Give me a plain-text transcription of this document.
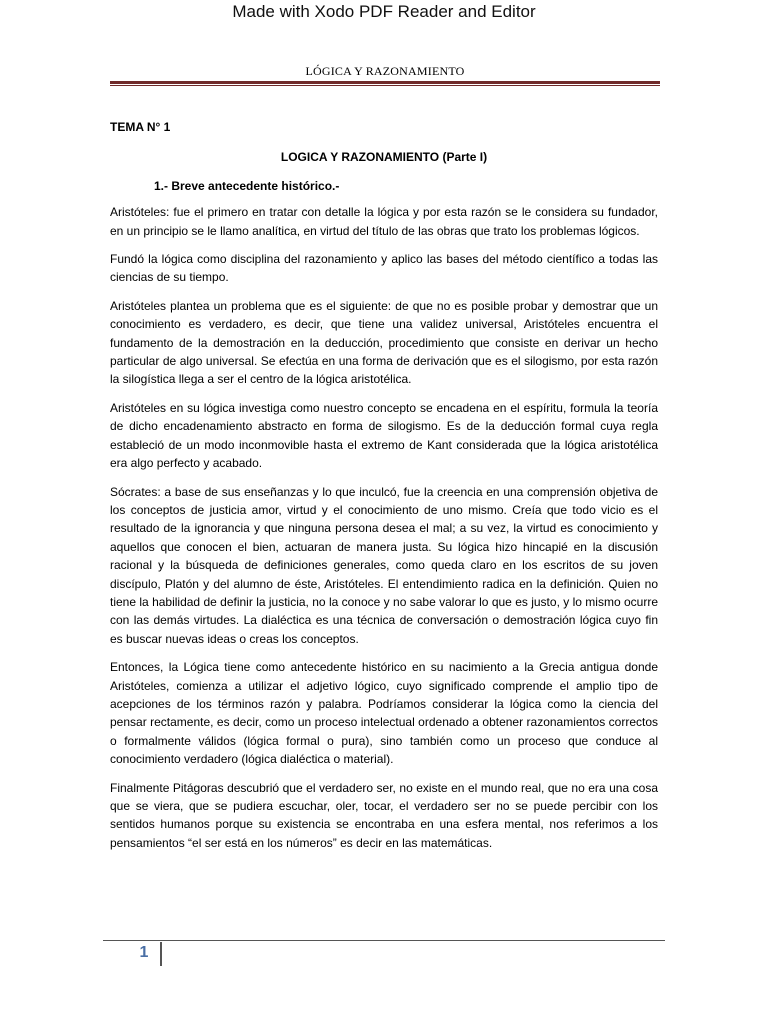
Made with Xodo PDF Reader and Editor
LÓGICA Y RAZONAMIENTO

TEMA N° 1

LOGICA Y RAZONAMIENTO (Parte I)

1.- Breve antecedente histórico.-

Aristóteles: fue el primero en tratar con detalle la lógica y por esta razón se le considera su fundador, en un principio se le llamo analítica, en virtud del título de las obras que trato los problemas lógicos.

Fundó la lógica como disciplina del razonamiento y aplico las bases del método científico a todas las ciencias de su tiempo.

Aristóteles plantea un problema que es el siguiente: de que no es posible probar y demostrar que un conocimiento es verdadero, es decir, que tiene una validez universal, Aristóteles encuentra el fundamento de la demostración en la deducción, procedimiento que consiste en derivar un hecho particular de algo universal. Se efectúa en una forma de derivación que es el silogismo, por esta razón la silogística llega a ser el centro de la lógica aristotélica.

Aristóteles en su lógica investiga como nuestro concepto se encadena en el espíritu, formula la teoría de dicho encadenamiento abstracto en forma de silogismo. Es de la deducción formal cuya regla estableció de un modo inconmovible hasta el extremo de Kant considerada que la lógica aristotélica era algo perfecto y acabado.

Sócrates: a base de sus enseñanzas y lo que inculcó, fue la creencia en una comprensión objetiva de los conceptos de justicia amor, virtud y el conocimiento de uno mismo. Creía que todo vicio es el resultado de la ignorancia y que ninguna persona desea el mal; a su vez, la virtud es conocimiento y aquellos que conocen el bien, actuaran de manera justa. Su lógica hizo hincapié en la discusión racional y la búsqueda de definiciones generales, como queda claro en los escritos de su joven discípulo, Platón y del alumno de éste, Aristóteles. El entendimiento radica en la definición. Quien no tiene la habilidad de definir la justicia, no la conoce y no sabe valorar lo que es justo, y lo mismo ocurre con las demás virtudes. La dialéctica es una técnica de conversación o demostración lógica cuyo fin es buscar nuevas ideas o creas los conceptos.

Entonces, la Lógica tiene como antecedente histórico en su nacimiento a la Grecia antigua donde Aristóteles, comienza a utilizar el adjetivo lógico, cuyo significado comprende el amplio tipo de acepciones de los términos razón y palabra. Podríamos considerar la lógica como la ciencia del pensar rectamente, es decir, como un proceso intelectual ordenado a obtener razonamientos correctos o formalmente válidos (lógica formal o pura), sino también como un proceso que conduce al conocimiento verdadero (lógica dialéctica o material).

Finalmente Pitágoras descubrió que el verdadero ser, no existe en el mundo real, que no era una cosa que se viera, que se pudiera escuchar, oler, tocar, el verdadero ser no se puede percibir con los sentidos humanos porque su existencia se encontraba en una esfera mental, nos referimos a los pensamientos “el ser está en los números” es decir en las matemáticas.

1
